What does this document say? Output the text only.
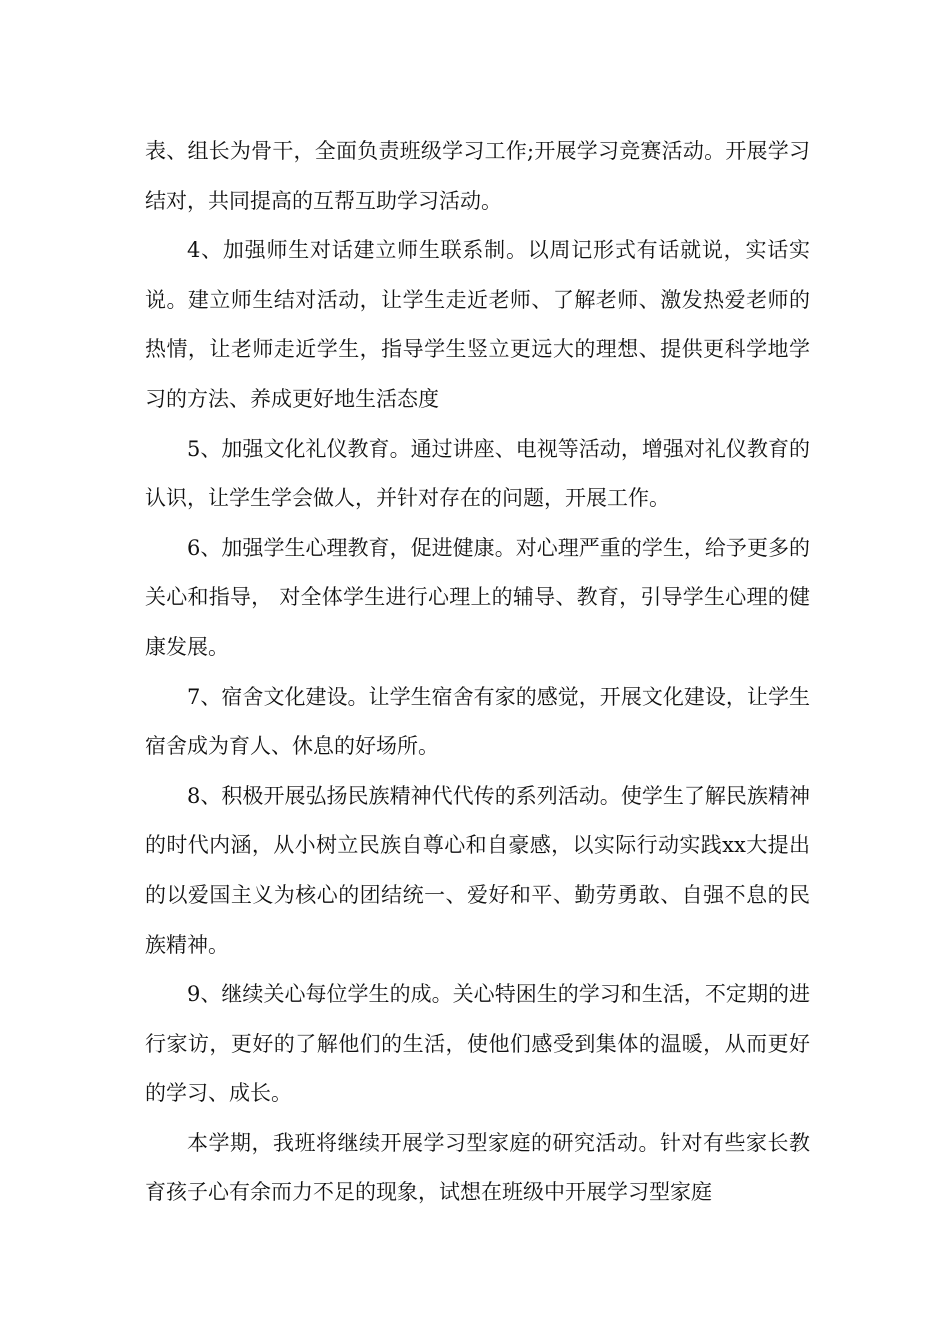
表、组长为骨干，全面负责班级学习工作;开展学习竞赛活动。开展学习结对，共同提高的互帮互助学习活动。

4、加强师生对话建立师生联系制。以周记形式有话就说，实话实说。建立师生结对活动，让学生走近老师、了解老师、激发热爱老师的热情，让老师走近学生，指导学生竖立更远大的理想、提供更科学地学习的方法、养成更好地生活态度

5、加强文化礼仪教育。通过讲座、电视等活动，增强对礼仪教育的认识，让学生学会做人，并针对存在的问题，开展工作。

6、加强学生心理教育，促进健康。对心理严重的学生，给予更多的关心和指导， 对全体学生进行心理上的辅导、教育，引导学生心理的健康发展。

7、宿舍文化建设。让学生宿舍有家的感觉，开展文化建设，让学生宿舍成为育人、休息的好场所。

8、积极开展弘扬民族精神代代传的系列活动。使学生了解民族精神的时代内涵，从小树立民族自尊心和自豪感，以实际行动实践xx大提出的以爱国主义为核心的团结统一、爱好和平、勤劳勇敢、自强不息的民族精神。

9、继续关心每位学生的成。关心特困生的学习和生活，不定期的进行家访，更好的了解他们的生活，使他们感受到集体的温暖，从而更好的学习、成长。

本学期，我班将继续开展学习型家庭的研究活动。针对有些家长教育孩子心有余而力不足的现象，试想在班级中开展学习型家庭
